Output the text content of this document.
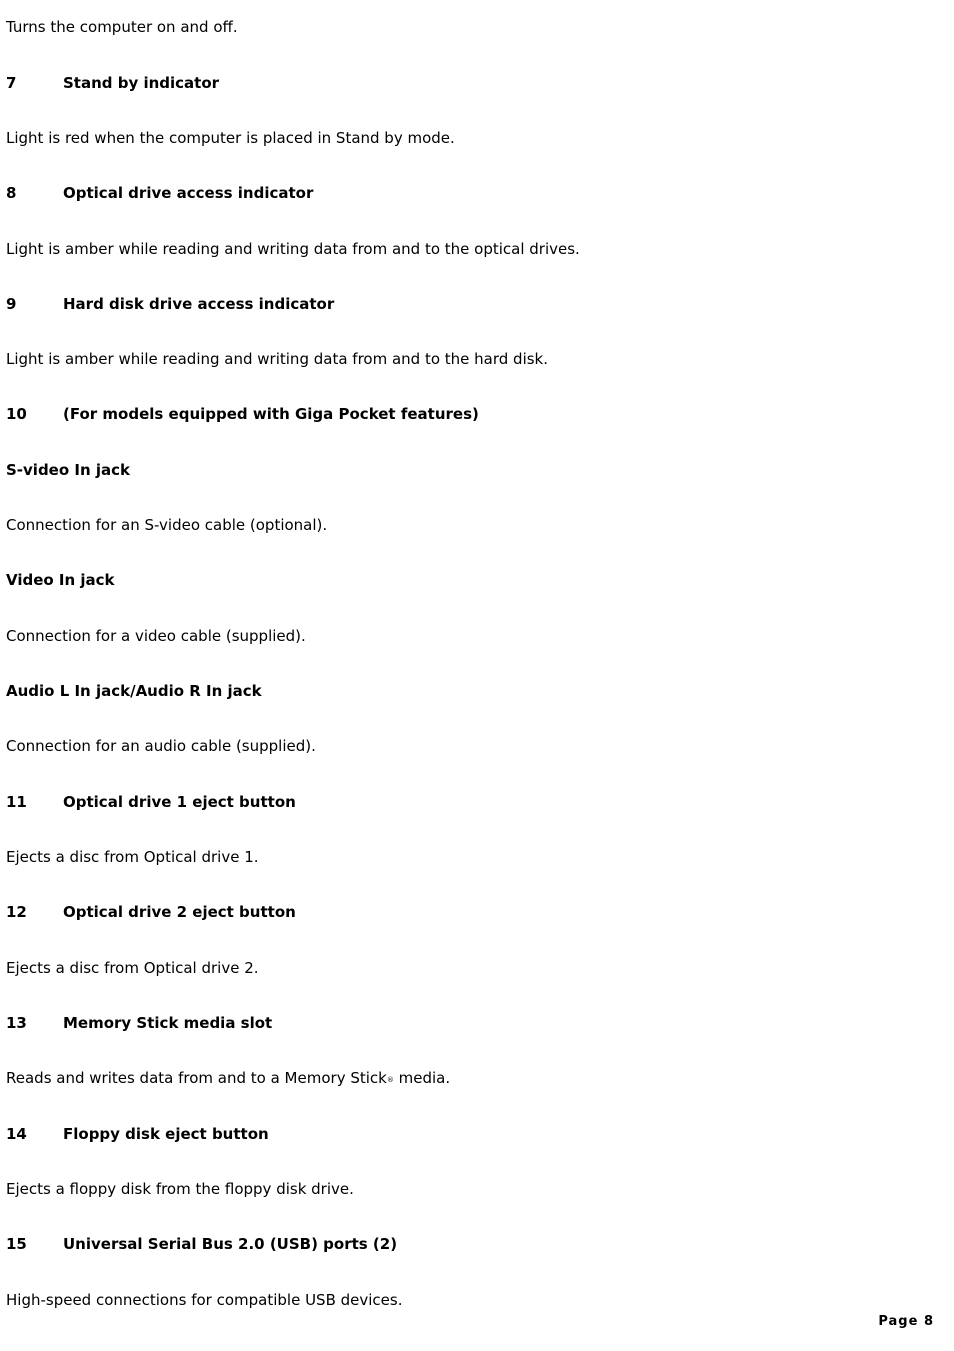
Turns the computer on and off.
7	Stand by indicator
Light is red when the computer is placed in Stand by mode.
8	Optical drive access indicator
Light is amber while reading and writing data from and to the optical drives.
9	Hard disk drive access indicator
Light is amber while reading and writing data from and to the hard disk.
10 (For models equipped with Giga Pocket features)
S-video In jack
Connection for an S-video cable (optional).
Video In jack
Connection for a video cable (supplied).
Audio L In jack/Audio R In jack
Connection for an audio cable (supplied).
11 Optical drive 1 eject button
Ejects a disc from Optical drive 1.
12 Optical drive 2 eject button
Ejects a disc from Optical drive 2.
13 Memory Stick media slot
Reads and writes data from and to a Memory Stick® media.
14 Floppy disk eject button
Ejects a floppy disk from the floppy disk drive.
15 Universal Serial Bus 2.0 (USB) ports (2)
High-speed connections for compatible USB devices.
Page 8
